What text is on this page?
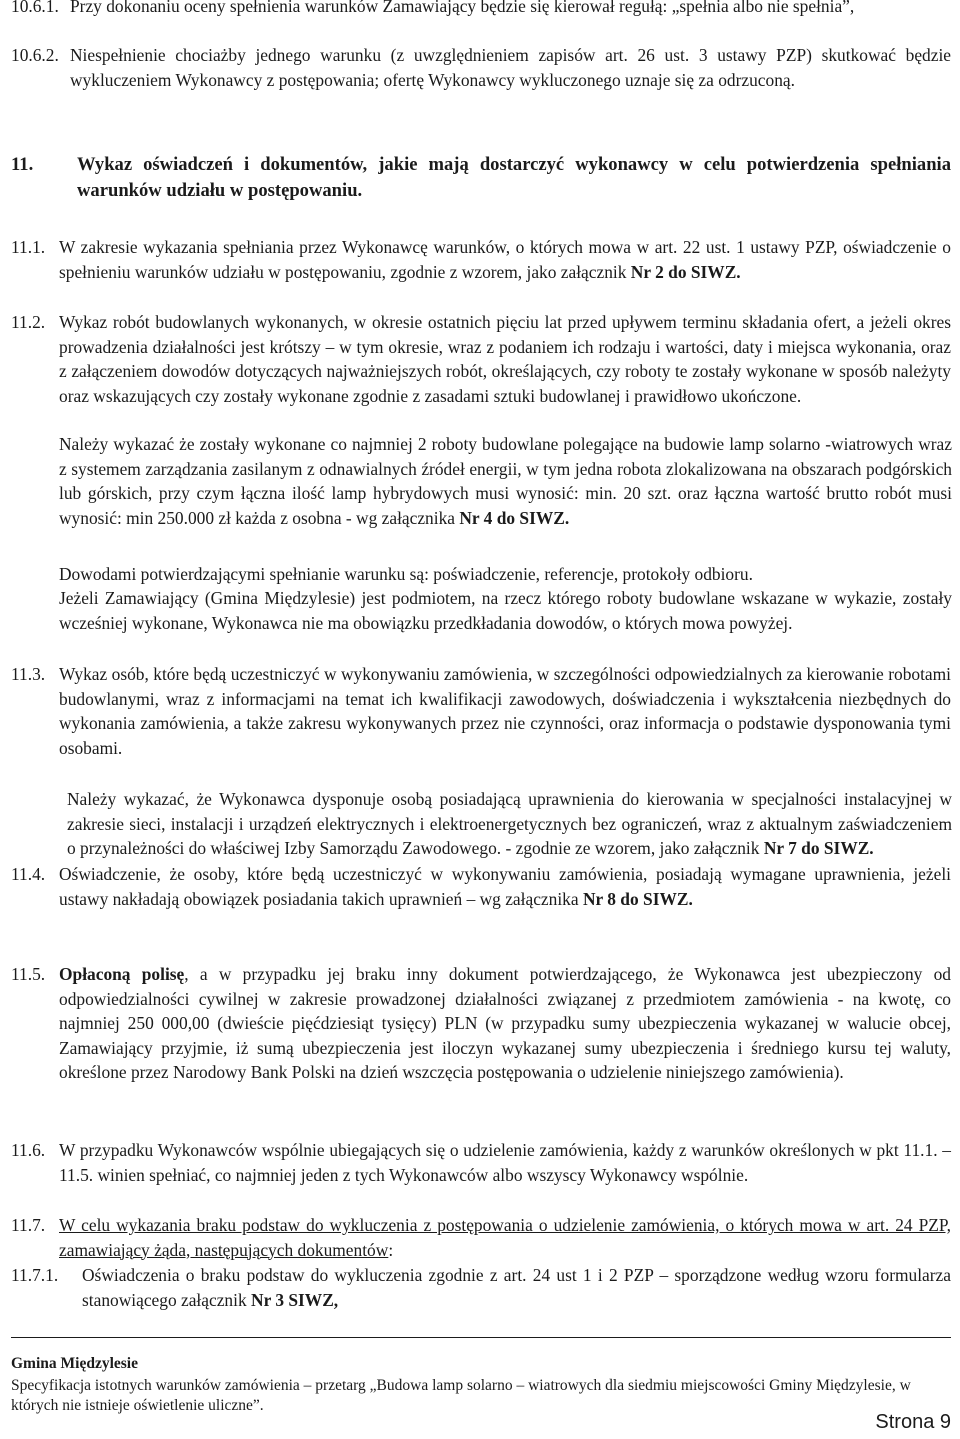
10.6.1. Przy dokonaniu oceny spełnienia warunków Zamawiający będzie się kierował regułą: „spełnia albo nie spełnia”,
10.6.2. Niespełnienie chociażby jednego warunku (z uwzględnieniem zapisów art. 26 ust. 3 ustawy PZP) skutkować będzie wykluczeniem Wykonawcy z postępowania; ofertę Wykonawcy wykluczonego uznaje się za odrzuconą.
11. Wykaz oświadczeń i dokumentów, jakie mają dostarczyć wykonawcy w celu potwierdzenia spełniania warunków udziału w postępowaniu.
11.1. W zakresie wykazania spełniania przez Wykonawcę warunków, o których mowa w art. 22 ust. 1 ustawy PZP, oświadczenie o spełnieniu warunków udziału w postępowaniu, zgodnie z wzorem, jako załącznik Nr 2 do SIWZ.
11.2. Wykaz robót budowlanych wykonanych, w okresie ostatnich pięciu lat przed upływem terminu składania ofert, a jeżeli okres prowadzenia działalności jest krótszy – w tym okresie, wraz z podaniem ich rodzaju i wartości, daty i miejsca wykonania, oraz z załączeniem dowodów dotyczących najważniejszych robót, określających, czy roboty te zostały wykonane w sposób należyty oraz wskazujących czy zostały wykonane zgodnie z zasadami sztuki budowlanej i prawidłowo ukończone.
Należy wykazać że zostały wykonane co najmniej 2 roboty budowlane polegające na budowie lamp solarno -wiatrowych wraz z systemem zarządzania zasilanym z odnawialnych źródeł energii, w tym jedna robota zlokalizowana na obszarach podgórskich lub górskich, przy czym łączna ilość lamp hybrydowych musi wynosić: min. 20 szt. oraz łączna wartość brutto robót musi wynosić: min 250.000 zł każda z osobna - wg załącznika Nr 4 do SIWZ.
Dowodami potwierdzającymi spełnianie warunku są: poświadczenie, referencje, protokoły odbioru.
Jeżeli Zamawiający (Gmina Międzylesie) jest podmiotem, na rzecz którego roboty budowlane wskazane w wykazie, zostały wcześniej wykonane, Wykonawca nie ma obowiązku przedkładania dowodów, o których mowa powyżej.
11.3. Wykaz osób, które będą uczestniczyć w wykonywaniu zamówienia, w szczególności odpowiedzialnych za kierowanie robotami budowlanymi, wraz z informacjami na temat ich kwalifikacji zawodowych, doświadczenia i wykształcenia niezbędnych do wykonania zamówienia, a także zakresu wykonywanych przez nie czynności, oraz informacja o podstawie dysponowania tymi osobami.
Należy wykazać, że Wykonawca dysponuje osobą posiadającą uprawnienia do kierowania w specjalności instalacyjnej w zakresie sieci, instalacji i urządzeń elektrycznych i elektroenergetycznych bez ograniczeń, wraz z aktualnym zaświadczeniem o przynależności do właściwej Izby Samorządu Zawodowego. - zgodnie ze wzorem, jako załącznik Nr 7 do SIWZ.
11.4. Oświadczenie, że osoby, które będą uczestniczyć w wykonywaniu zamówienia, posiadają wymagane uprawnienia, jeżeli ustawy nakładają obowiązek posiadania takich uprawnień – wg załącznika Nr 8 do SIWZ.
11.5. Opłaconą polisę, a w przypadku jej braku inny dokument potwierdzającego, że Wykonawca jest ubezpieczony od odpowiedzialności cywilnej w zakresie prowadzonej działalności związanej z przedmiotem zamówienia - na kwotę, co najmniej 250 000,00 (dwieście pięćdziesiąt tysięcy) PLN (w przypadku sumy ubezpieczenia wykazanej w walucie obcej, Zamawiający przyjmie, iż sumą ubezpieczenia jest iloczyn wykazanej sumy ubezpieczenia i średniego kursu tej waluty, określone przez Narodowy Bank Polski na dzień wszczęcia postępowania o udzielenie niniejszego zamówienia).
11.6. W przypadku Wykonawców wspólnie ubiegających się o udzielenie zamówienia, każdy z warunków określonych w pkt 11.1. – 11.5. winien spełniać, co najmniej jeden z tych Wykonawców albo wszyscy Wykonawcy wspólnie.
11.7. W celu wykazania braku podstaw do wykluczenia z postępowania o udzielenie zamówienia, o których mowa w art. 24 PZP, zamawiający żąda, następujących dokumentów:
11.7.1. Oświadczenia o braku podstaw do wykluczenia zgodnie z art. 24 ust 1 i 2 PZP – sporządzone według wzoru formularza stanowiącego załącznik Nr 3 SIWZ,
Gmina Międzylesie
Specyfikacja istotnych warunków zamówienia – przetarg „Budowa lamp solarno – wiatrowych dla siedmiu miejscowości Gminy Międzylesie, w których nie istnieje oświetlenie uliczne”.
Strona 9
